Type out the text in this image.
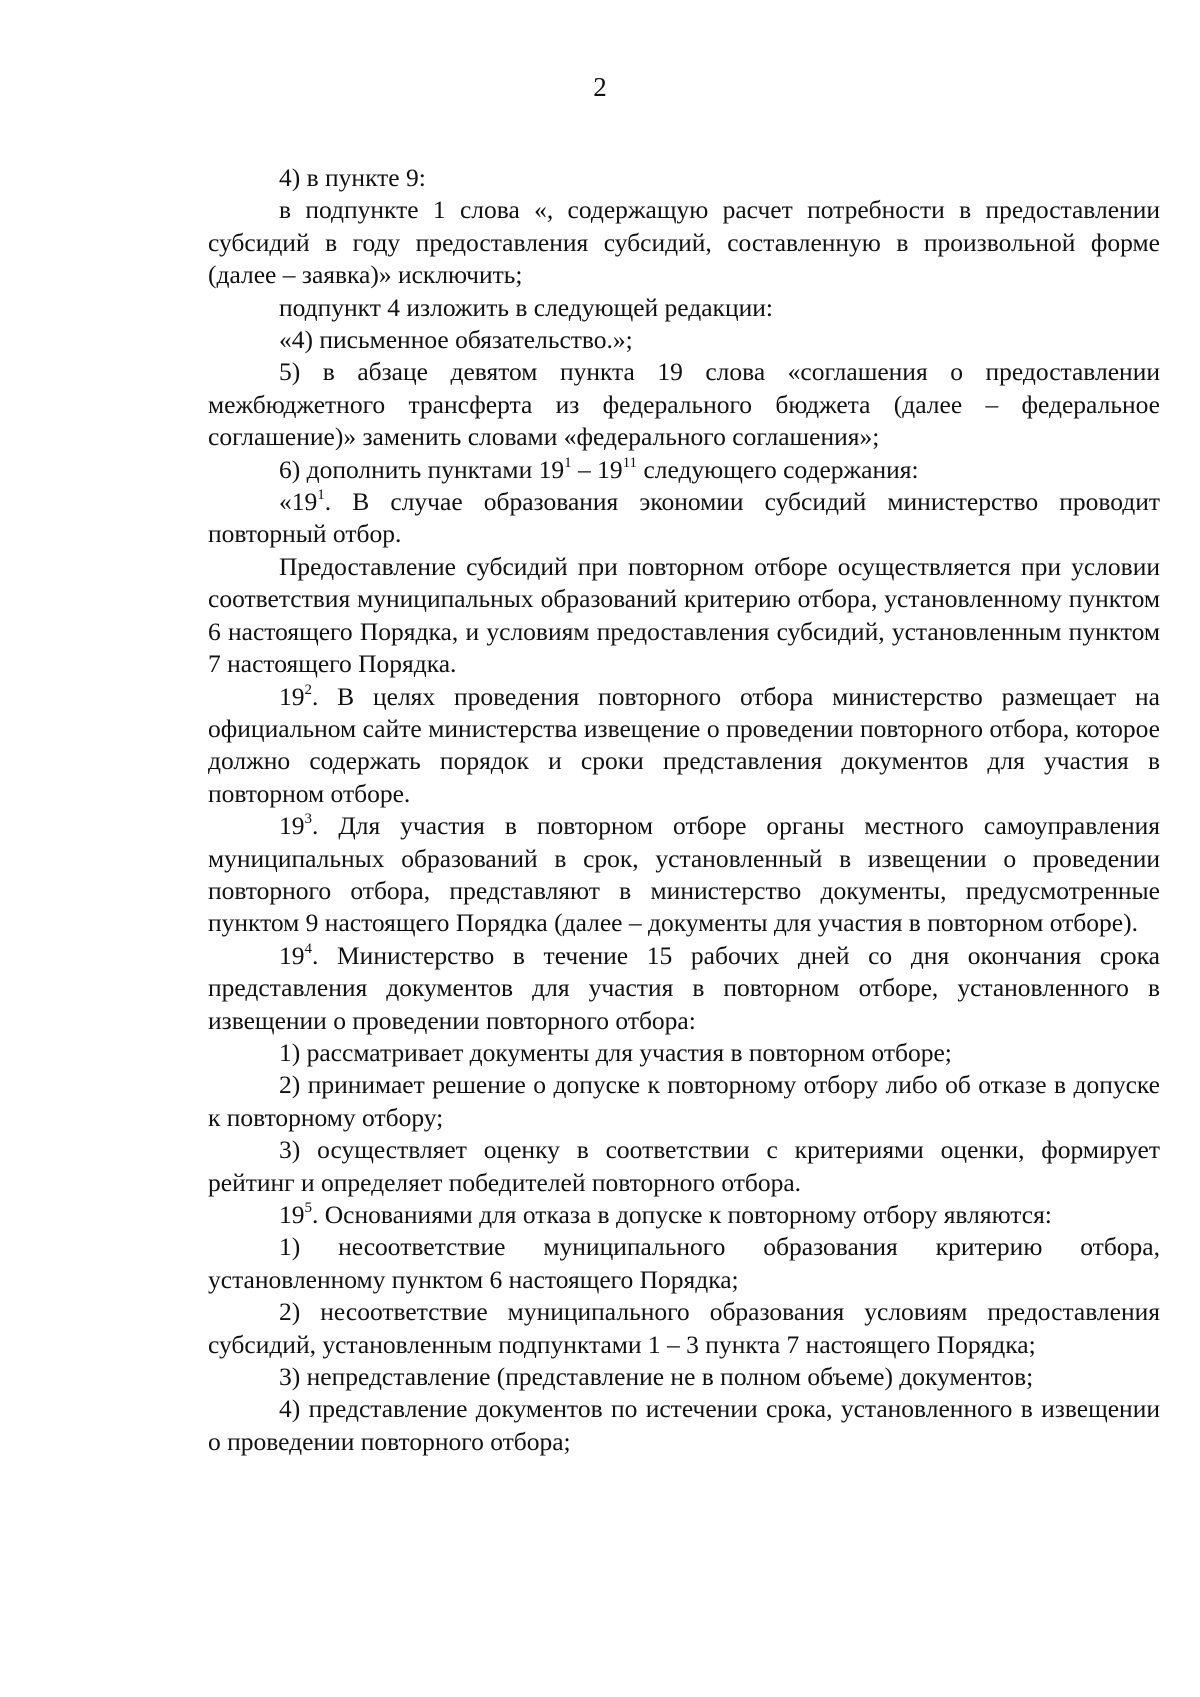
2

4) в пункте 9:

в подпункте 1 слова «, содержащую расчет потребности в предоставлении субсидий в году предоставления субсидий, составленную в произвольной форме (далее – заявка)» исключить;

подпункт 4 изложить в следующей редакции:

«4) письменное обязательство.»;

5) в абзаце девятом пункта 19 слова «соглашения о предоставлении межбюджетного трансферта из федерального бюджета (далее – федеральное соглашение)» заменить словами «федерального соглашения»;

6) дополнить пунктами $19^1 - 19^{11}$ следующего содержания:

«$19^1$. В случае образования экономии субсидий министерство проводит повторный отбор.

Предоставление субсидий при повторном отборе осуществляется при условии соответствия муниципальных образований критерию отбора, установленному пунктом 6 настоящего Порядка, и условиям предоставления субсидий, установленным пунктом 7 настоящего Порядка.

$19^2$. В целях проведения повторного отбора министерство размещает на официальном сайте министерства извещение о проведении повторного отбора, которое должно содержать порядок и сроки представления документов для участия в повторном отборе.

$19^3$. Для участия в повторном отборе органы местного самоуправления муниципальных образований в срок, установленный в извещении о проведении повторного отбора, представляют в министерство документы, предусмотренные пунктом 9 настоящего Порядка (далее – документы для участия в повторном отборе).

$19^4$. Министерство в течение 15 рабочих дней со дня окончания срока представления документов для участия в повторном отборе, установленного в извещении о проведении повторного отбора:

1) рассматривает документы для участия в повторном отборе;

2) принимает решение о допуске к повторному отбору либо об отказе в допуске к повторному отбору;

3) осуществляет оценку в соответствии с критериями оценки, формирует рейтинг и определяет победителей повторного отбора.

$19^5$. Основаниями для отказа в допуске к повторному отбору являются:

1) несоответствие муниципального образования критерию отбора, установленному пунктом 6 настоящего Порядка;

2) несоответствие муниципального образования условиям предоставления субсидий, установленным подпунктами 1 – 3 пункта 7 настоящего Порядка;

3) непредставление (представление не в полном объеме) документов;

4) представление документов по истечении срока, установленного в извещении о проведении повторного отбора;
